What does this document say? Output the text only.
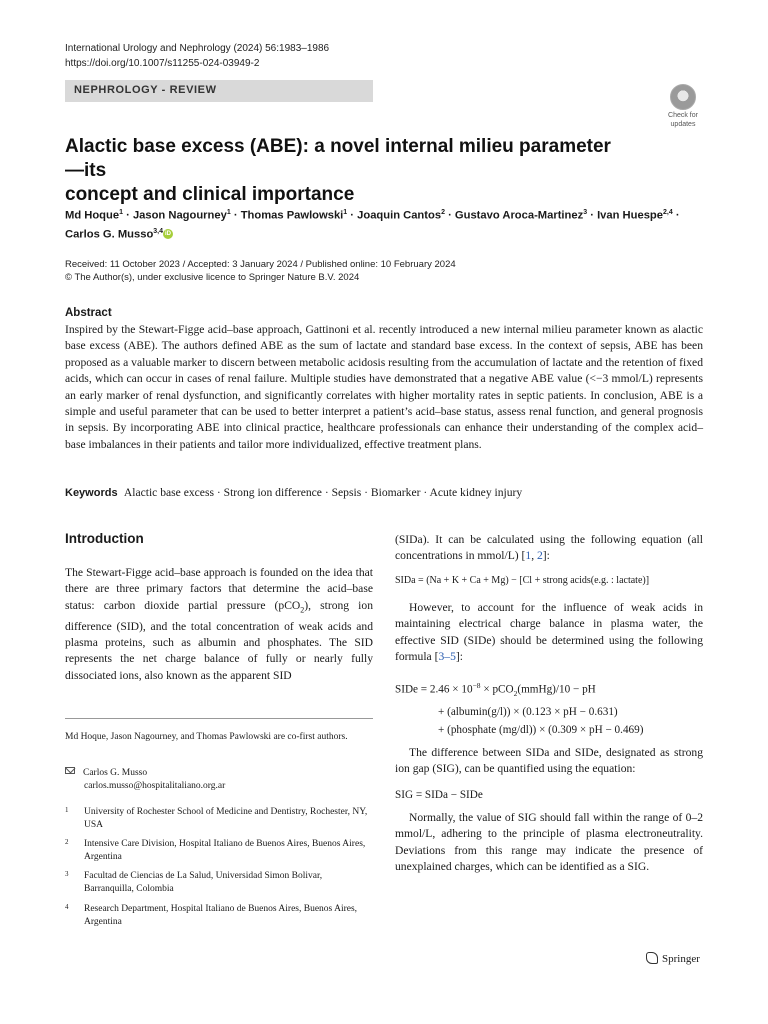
International Urology and Nephrology (2024) 56:1983–1986
https://doi.org/10.1007/s11255-024-03949-2
NEPHROLOGY - REVIEW
Check for
updates
Alactic base excess (ABE): a novel internal milieu parameter—its
concept and clinical importance
Md Hoque$^1$ · Jason Nagourney$^1$ · Thomas Pawlowski$^1$ · Joaquin Cantos$^2$ · Gustavo Aroca-Martinez$^3$ · Ivan Huespe$^{2,4}$ ·
Carlos G. Musso$^{3,4}$ iD
Received: 11 October 2023 / Accepted: 3 January 2024 / Published online: 10 February 2024
© The Author(s), under exclusive licence to Springer Nature B.V. 2024
Abstract
Inspired by the Stewart-Figge acid–base approach, Gattinoni et al. recently introduced a new internal milieu parameter known as alactic base excess (ABE). The authors defined ABE as the sum of lactate and standard base excess. In the context of sepsis, ABE has been proposed as a valuable marker to discern between metabolic acidosis resulting from the accumulation of lactate and the retention of fixed acids, which can occur in cases of renal failure. Multiple studies have demonstrated that a negative ABE value (<−3 mmol/L) represents an early marker of renal dysfunction, and significantly correlates with higher mortality rates in septic patients. In conclusion, ABE is a simple and useful parameter that can be used to better interpret a patient’s acid–base status, assess renal function, and general prognosis in sepsis. By incorporating ABE into clinical practice, healthcare professionals can enhance their understanding of the complex acid–base imbalances in their patients and tailor more individualized, effective treatment plans.
Keywords Alactic base excess · Strong ion difference · Sepsis · Biomarker · Acute kidney injury
Introduction
The Stewart-Figge acid–base approach is founded on the idea that there are three primary factors that determine the acid–base status: carbon dioxide partial pressure (pCO$_2$), strong ion difference (SID), and the total concentration of weak acids and plasma proteins, such as albumin and phosphates. The SID represents the net charge balance of fully or nearly fully dissociated ions, also known as the apparent SID
Md Hoque, Jason Nagourney, and Thomas Pawlowski are co-first authors.
Carlos G. Musso
carlos.musso@hospitalitaliano.org.ar
1	University of Rochester School of Medicine and Dentistry, Rochester, NY, USA
2	Intensive Care Division, Hospital Italiano de Buenos Aires, Buenos Aires, Argentina
3	Facultad de Ciencias de La Salud, Universidad Simon Bolivar, Barranquilla, Colombia
4	Research Department, Hospital Italiano de Buenos Aires, Buenos Aires, Argentina
(SIDa). It can be calculated using the following equation (all concentrations in mmol/L) [1, 2]:
SIDa = (Na + K + Ca + Mg) − [Cl + strong acids(e.g. : lactate)]
However, to account for the influence of weak acids in maintaining electrical charge balance in plasma water, the effective SID (SIDe) should be determined using the following formula [3–5]:
SIDe = $2.46 \times 10^{-8}$ × pCO$_2$(mmHg)/10 − pH
+ (albumin(g/l)) × (0.123 × pH − 0.631)
+ (phosphate (mg/dl)) × (0.309 × pH − 0.469)
The difference between SIDa and SIDe, designated as strong ion gap (SIG), can be quantified using the equation:
SIG = SIDa − SIDe
Normally, the value of SIG should fall within the range of 0–2 mmol/L, adhering to the principle of plasma electroneutrality. Deviations from this range may indicate the presence of unexplained charges, which can be identified as a SIG.
Springer
